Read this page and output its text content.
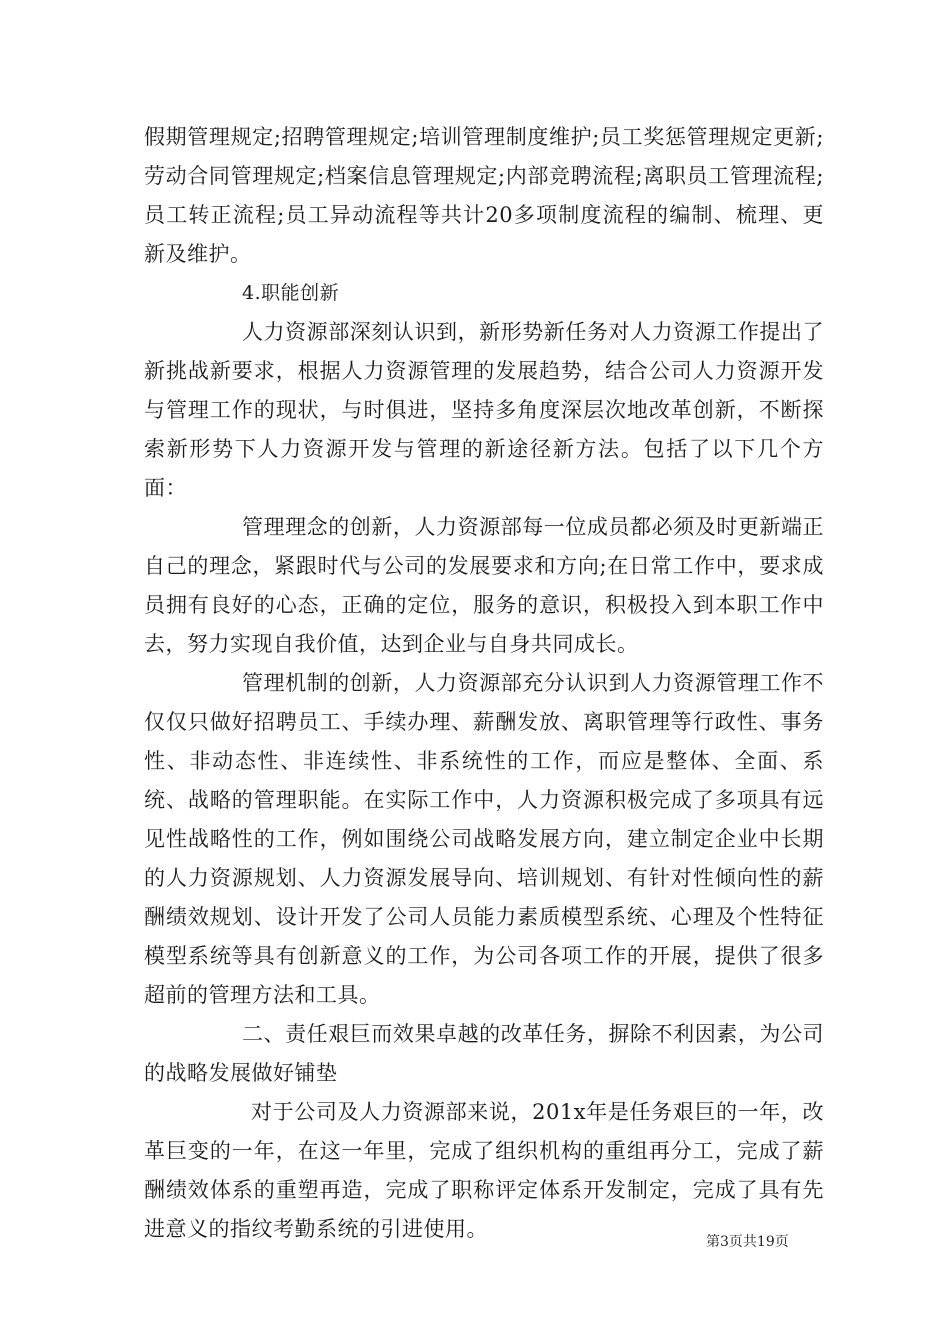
假期管理规定;招聘管理规定;培训管理制度维护;员工奖惩管理规定更新;劳动合同管理规定;档案信息管理规定;内部竞聘流程;离职员工管理流程;员工转正流程;员工异动流程等共计20多项制度流程的编制、梳理、更新及维护。

4.职能创新

人力资源部深刻认识到，新形势新任务对人力资源工作提出了新挑战新要求，根据人力资源管理的发展趋势，结合公司人力资源开发与管理工作的现状，与时俱进，坚持多角度深层次地改革创新，不断探索新形势下人力资源开发与管理的新途径新方法。包括了以下几个方面：

管理理念的创新，人力资源部每一位成员都必须及时更新端正自己的理念，紧跟时代与公司的发展要求和方向;在日常工作中，要求成员拥有良好的心态，正确的定位，服务的意识，积极投入到本职工作中去，努力实现自我价值，达到企业与自身共同成长。

管理机制的创新，人力资源部充分认识到人力资源管理工作不仅仅只做好招聘员工、手续办理、薪酬发放、离职管理等行政性、事务性、非动态性、非连续性、非系统性的工作，而应是整体、全面、系统、战略的管理职能。在实际工作中，人力资源积极完成了多项具有远见性战略性的工作，例如围绕公司战略发展方向，建立制定企业中长期的人力资源规划、人力资源发展导向、培训规划、有针对性倾向性的薪酬绩效规划、设计开发了公司人员能力素质模型系统、心理及个性特征模型系统等具有创新意义的工作，为公司各项工作的开展，提供了很多超前的管理方法和工具。

二、责任艰巨而效果卓越的改革任务，摒除不利因素，为公司的战略发展做好铺垫

对于公司及人力资源部来说，201x年是任务艰巨的一年，改革巨变的一年，在这一年里，完成了组织机构的重组再分工，完成了薪酬绩效体系的重塑再造，完成了职称评定体系开发制定，完成了具有先进意义的指纹考勤系统的引进使用。

第3页共19页
